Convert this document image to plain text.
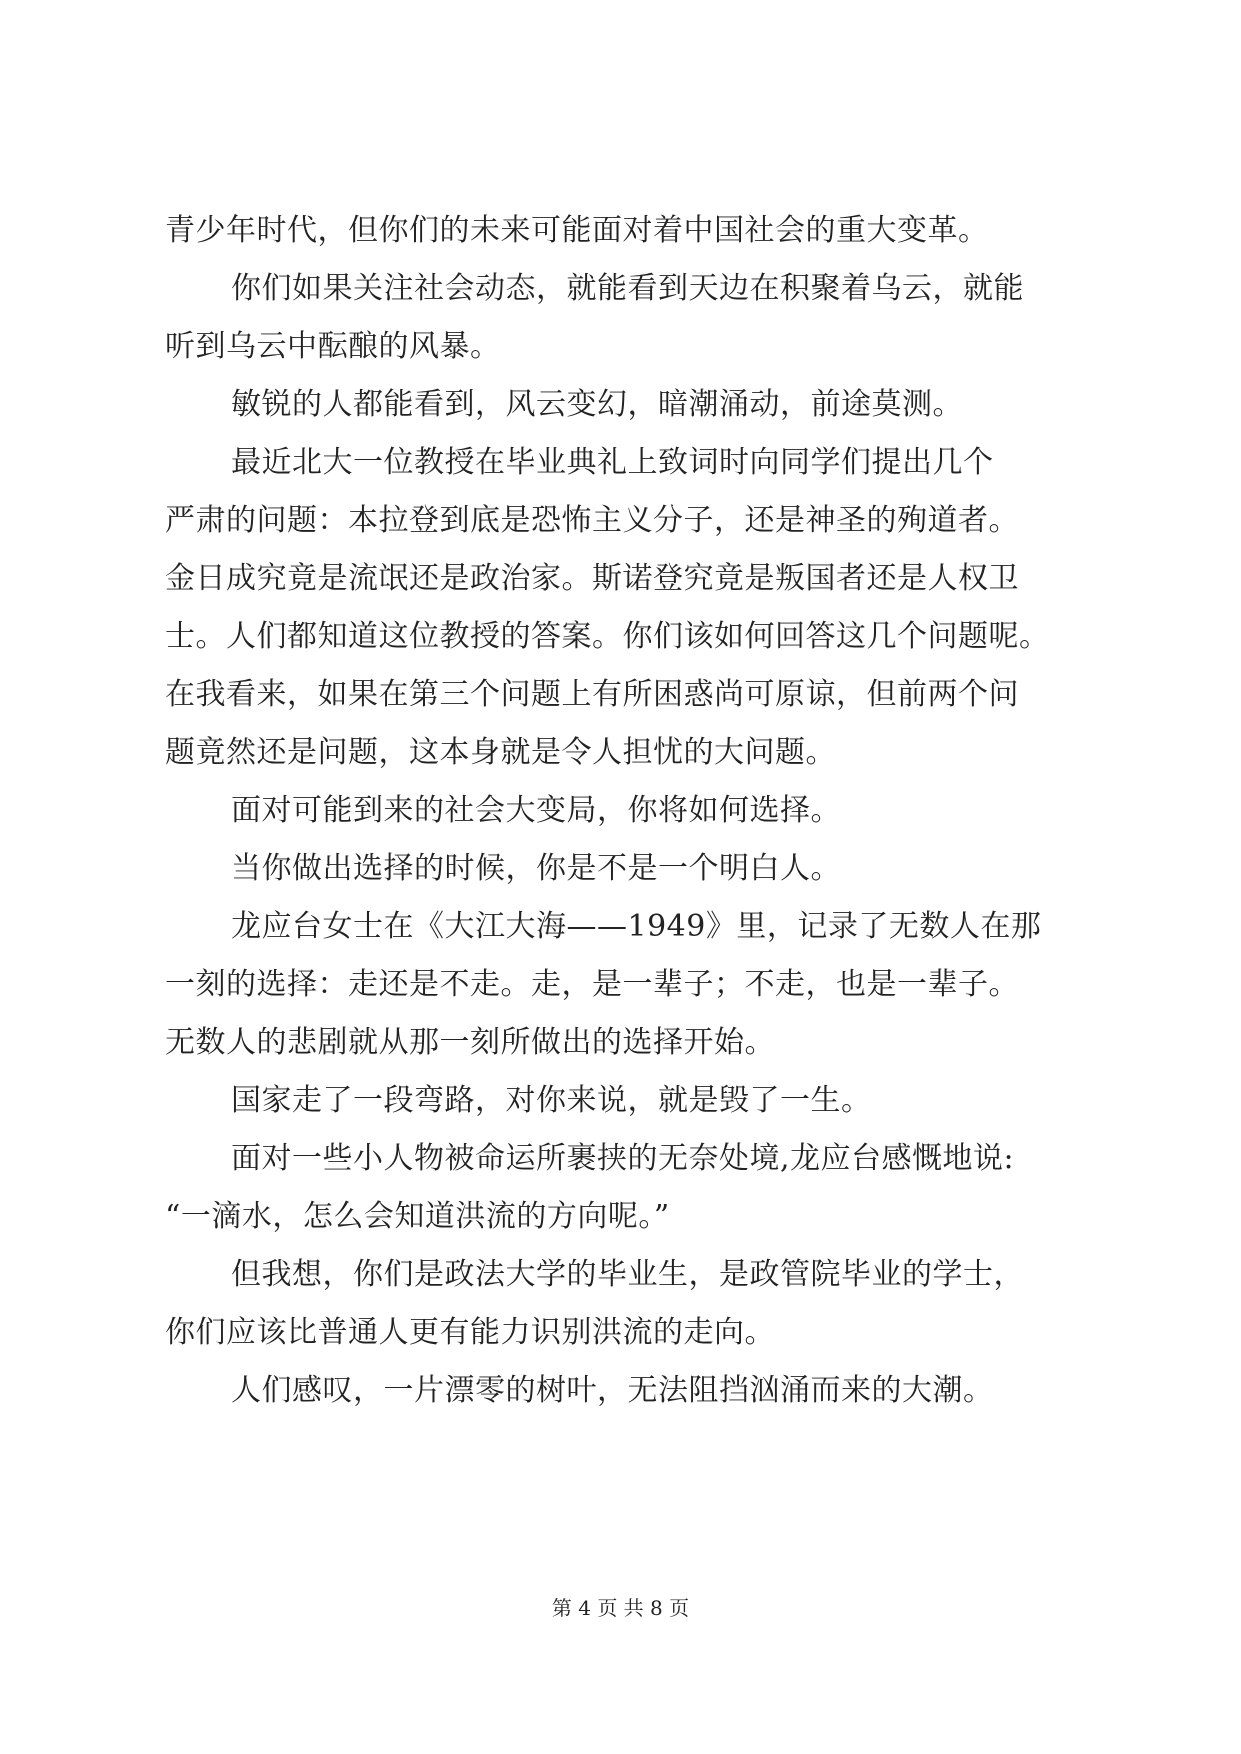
青少年时代，但你们的未来可能面对着中国社会的重大变革。
你们如果关注社会动态，就能看到天边在积聚着乌云，就能
听到乌云中酝酿的风暴。
敏锐的人都能看到，风云变幻，暗潮涌动，前途莫测。
最近北大一位教授在毕业典礼上致词时向同学们提出几个
严肃的问题：本拉登到底是恐怖主义分子，还是神圣的殉道者。
金日成究竟是流氓还是政治家。斯诺登究竟是叛国者还是人权卫
士。人们都知道这位教授的答案。你们该如何回答这几个问题呢。
在我看来，如果在第三个问题上有所困惑尚可原谅，但前两个问
题竟然还是问题，这本身就是令人担忧的大问题。
面对可能到来的社会大变局，你将如何选择。
当你做出选择的时候，你是不是一个明白人。
龙应台女士在《大江大海——1949》里，记录了无数人在那
一刻的选择：走还是不走。走，是一辈子；不走，也是一辈子。
无数人的悲剧就从那一刻所做出的选择开始。
国家走了一段弯路，对你来说，就是毁了一生。
面对一些小人物被命运所裹挟的无奈处境,龙应台感慨地说:
“一滴水，怎么会知道洪流的方向呢。”
但我想，你们是政法大学的毕业生，是政管院毕业的学士，
你们应该比普通人更有能力识别洪流的走向。
人们感叹，一片漂零的树叶，无法阻挡汹涌而来的大潮。
第 4 页 共 8 页
